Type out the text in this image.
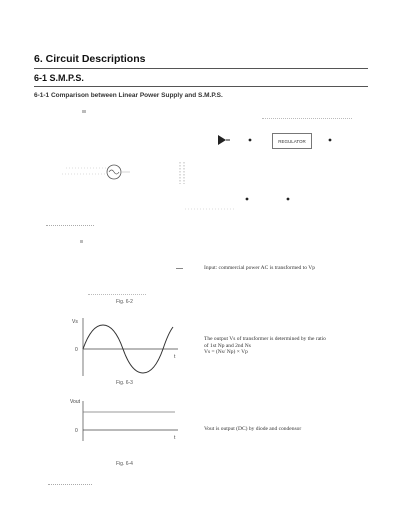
6. Circuit Descriptions
6-1 S.M.P.S.
6-1-1 Comparison between Linear Power Supply and S.M.P.S.
REGULATOR
Input: commercial power AC is transformed to Vp
Fig. 6-2
Vs
0
t
The output Vs of transformer is determined by the ratio
of 1st Np and 2nd Ns
Vs = (Ns/ Np) × Vp
Fig. 6-3
Vout
0
t
Vout is output (DC) by diode and condensor
Fig. 6-4
